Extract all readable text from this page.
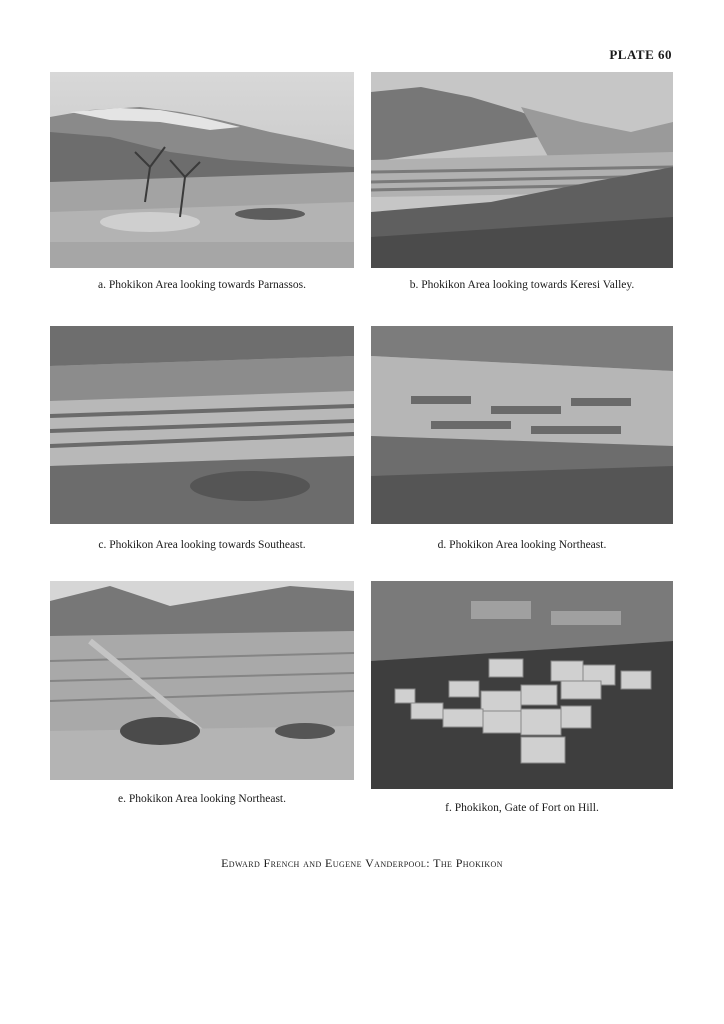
PLATE 60
a. Phokikon Area looking towards Parnassos.	b. Phokikon Area looking towards Keresi Valley.
c. Phokikon Area looking towards Southeast.	d. Phokikon Area looking Northeast.
e. Phokikon Area looking Northeast.
f. Phokikon, Gate of Fort on Hill.
Edward French and Eugene Vanderpool: The Phokikon
